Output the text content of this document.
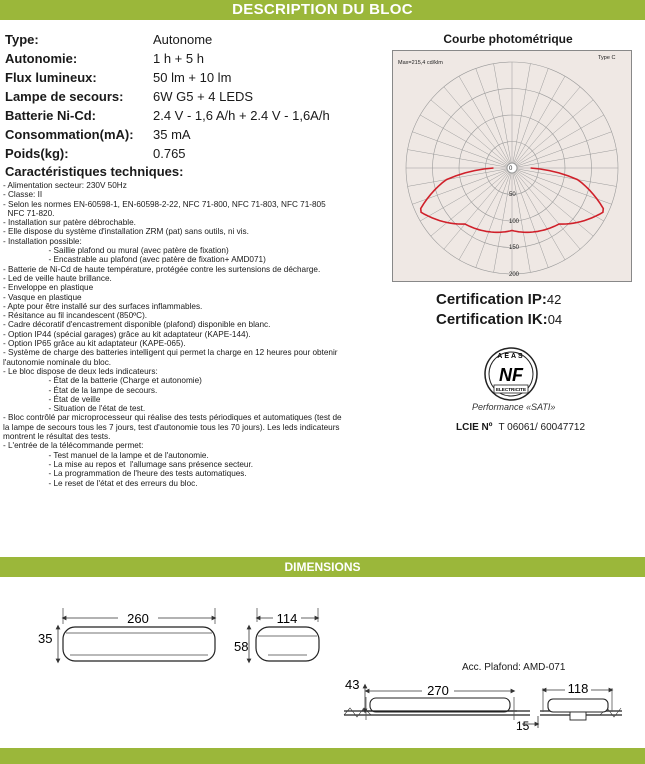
DESCRIPTION DU BLOC
Type:	Autonome
Autonomie:	1 h + 5 h
Flux lumineux:	50 lm + 10 lm
Lampe de secours:	6W G5 + 4 LEDS
Batterie Ni-Cd:	2.4 V - 1,6 A/h + 2.4 V - 1,6A/h
Consommation(mA):	35 mA
Poids(kg):	0.765
Caractéristiques techniques:
- Alimentation secteur: 230V 50Hz
- Classe: II
- Selon les normes EN-60598-1, EN-60598-2-22, NFC 71-800, NFC 71-803, NFC 71-805
NFC 71-820.
- Installation sur patère débrochable.
- Elle dispose du système d'installation ZRM (pat) sans outils, ni vis.
- Installation possible:
- Saillie plafond ou mural (avec patère de fixation)
- Encastrable au plafond (avec patère de fixation+ AMD071)
- Batterie de Ni-Cd de haute température, protégée contre les surtensions de décharge.
- Led de veille haute brillance.
- Enveloppe en plastique
- Vasque en plastique
- Apte pour être installé sur des surfaces inflammables.
- Résitance au fil incandescent (850ºC).
- Cadre décoratif d'encastrement disponible (plafond) disponible en blanc.
- Option IP44 (spécial garages) grâce au kit adaptateur (KAPE-144).
- Option IP65 grâce au kit adaptateur (KAPE-065).
- Système de charge des batteries intelligent qui permet la charge en 12 heures pour obtenir
l'autonomie nominale du bloc.
- Le bloc dispose de deux leds indicateurs:
- État de la batterie (Charge et autonomie)
- État de la lampe de secours.
- État de veille
- Situation de l'état de test.
- Bloc contrôlé par microprocesseur qui réalise des tests périodiques et automatiques (test de
la lampe de secours tous les 7 jours, test d'autonomie tous les 70 jours). Les leds indicateurs
montrent le résultat des tests.
- L'entrée de la télécommande permet:
- Test manuel de la lampe et de l'autonomie.
- La mise au repos et  l'allumage sans présence secteur.
- La programmation de l'heure des tests automatiques.
- Le reset de l'état et des erreurs du bloc.
Courbe photométrique
Max=215,4 cd/klm
Type C
0
50
100
150
200
Certification IP:42
Certification IK:04
AEAS
NF
ELECTRICITE
Performance «SATI»
LCIE Nº T 06061/ 60047712
DIMENSIONS
260
35
114
58
270
43	118
15
Acc. Plafond: AMD-071
